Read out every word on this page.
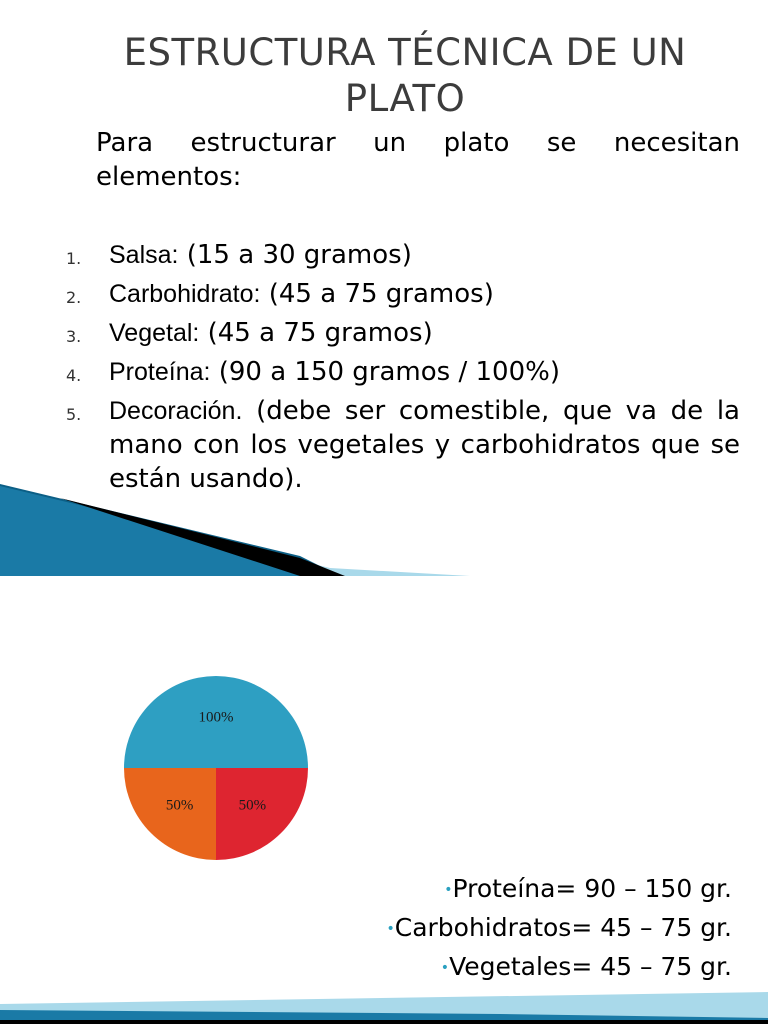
ESTRUCTURA TÉCNICA DE UN PLATO
Para estructurar un plato se necesitan elementos:
1. Salsa: (15 a 30 gramos)
2. Carbohidrato: (45 a 75 gramos)
3. Vegetal: (45 a 75 gramos)
4. Proteína: (90 a 150 gramos / 100%)
5. Decoración. (debe ser comestible, que va de la mano con los vegetales y carbohidratos que se están usando).
100%
50%
50%
•Proteína= 90 – 150 gr.
•Carbohidratos= 45 – 75 gr.
•Vegetales= 45 – 75 gr.
